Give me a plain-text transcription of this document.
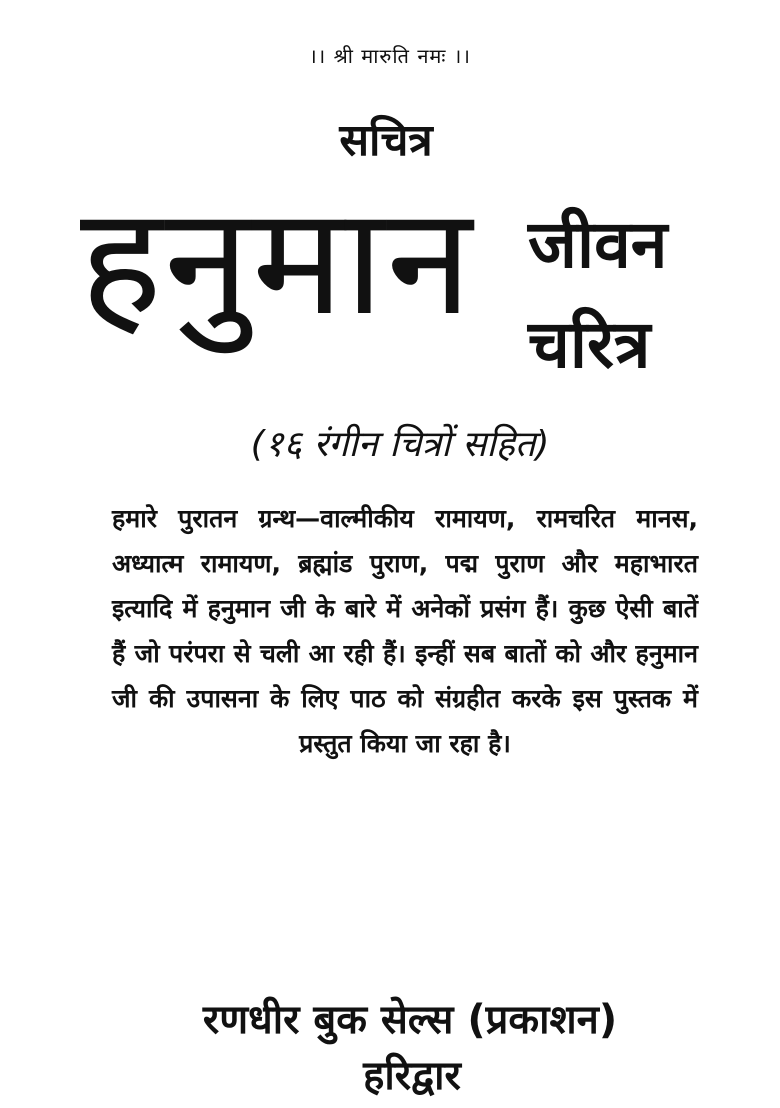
।। श्री मारुति नमः ।।
सचित्र
हनुमान जीवन
चरित्र
(१६ रंगीन चित्रों सहित)
हमारे पुरातन ग्रन्थ—वाल्मीकीय रामायण, रामचरित मानस, अध्यात्म रामायण, ब्रह्मांड पुराण, पद्म पुराण और महाभारत इत्यादि में हनुमान जी के बारे में अनेकों प्रसंग हैं। कुछ ऐसी बातें हैं जो परंपरा से चली आ रही हैं। इन्हीं सब बातों को और हनुमान जी की उपासना के लिए पाठ को संग्रहीत करके इस पुस्तक में प्रस्तुत किया जा रहा है।
रणधीर बुक सेल्स (प्रकाशन)
हरिद्वार
